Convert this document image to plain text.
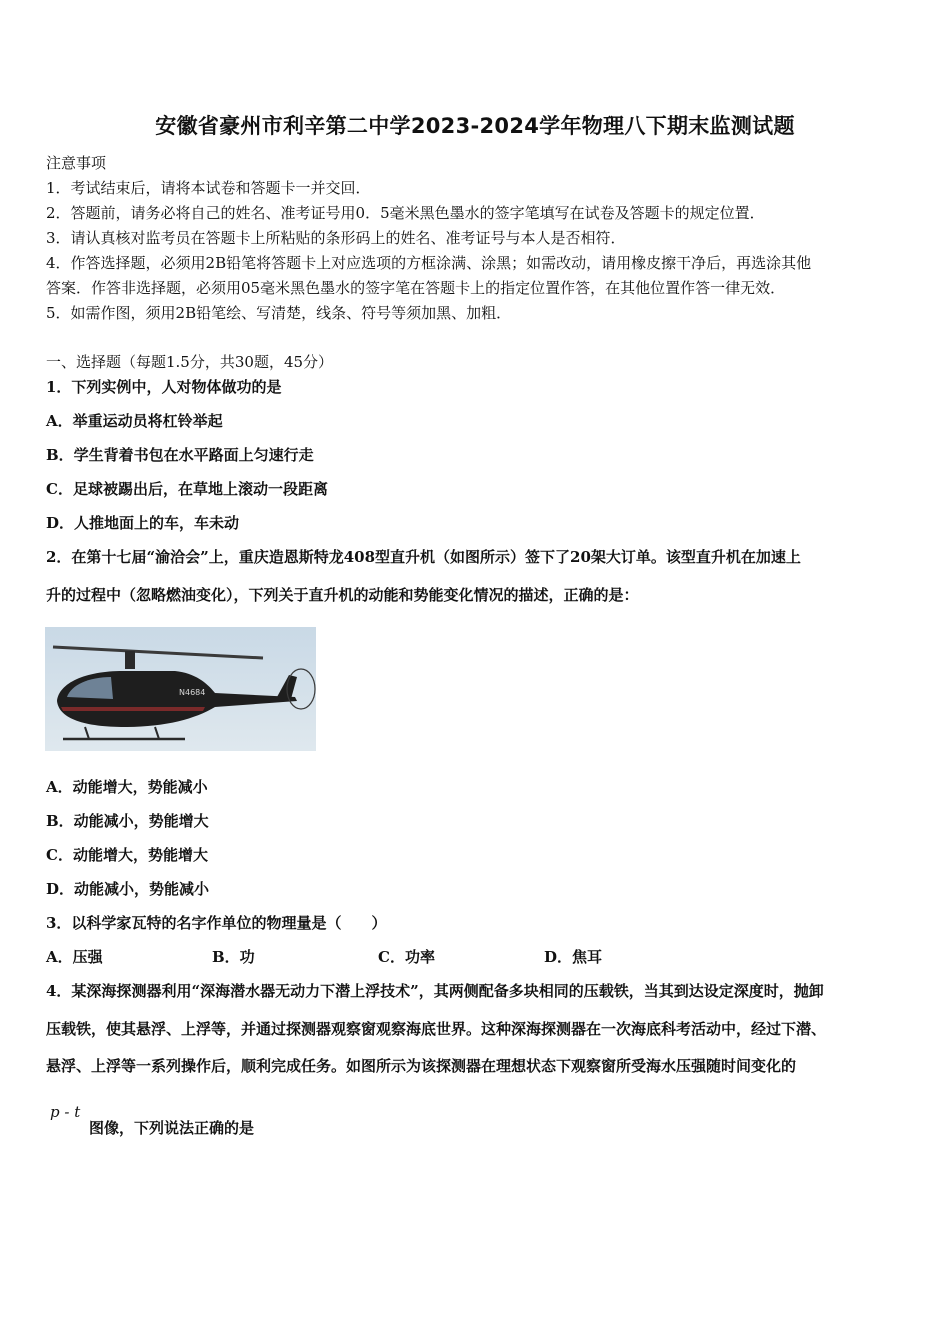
安徽省豪州市利辛第二中学2023-2024学年物理八下期末监测试题
注意事项
1．考试结束后，请将本试卷和答题卡一并交回．
2．答题前，请务必将自己的姓名、准考证号用0．5毫米黑色墨水的签字笔填写在试卷及答题卡的规定位置．
3．请认真核对监考员在答题卡上所粘贴的条形码上的姓名、准考证号与本人是否相符．
4．作答选择题，必须用2B铅笔将答题卡上对应选项的方框涂满、涂黑；如需改动，请用橡皮擦干净后，再选涂其他
答案．作答非选择题，必须用05毫米黑色墨水的签字笔在答题卡上的指定位置作答，在其他位置作答一律无效．
5．如需作图，须用2B铅笔绘、写清楚，线条、符号等须加黑、加粗．
一、选择题（每题1.5分，共30题，45分）
1．下列实例中，人对物体做功的是
A．举重运动员将杠铃举起
B．学生背着书包在水平路面上匀速行走
C．足球被踢出后，在草地上滚动一段距离
D．人推地面上的车，车未动
2．在第十七届“渝洽会”上，重庆造恩斯特龙408型直升机（如图所示）签下了20架大订单。该型直升机在加速上
升的过程中（忽略燃油变化），下列关于直升机的动能和势能变化情况的描述，正确的是：
N4684
A．动能增大，势能减小
B．动能减小，势能增大
C．动能增大，势能增大
D．动能减小，势能减小
3．以科学家瓦特的名字作单位的物理量是（　　）
A．压强	B．功	C．功率	D．焦耳
4．某深海探测器利用“深海潜水器无动力下潜上浮技术”，其两侧配备多块相同的压载铁，当其到达设定深度时，抛卸
压载铁，使其悬浮、上浮等，并通过探测器观察窗观察海底世界。这种深海探测器在一次海底科考活动中，经过下潜、
悬浮、上浮等一系列操作后，顺利完成任务。如图所示为该探测器在理想状态下观察窗所受海水压强随时间变化的
p - t
图像，下列说法正确的是
